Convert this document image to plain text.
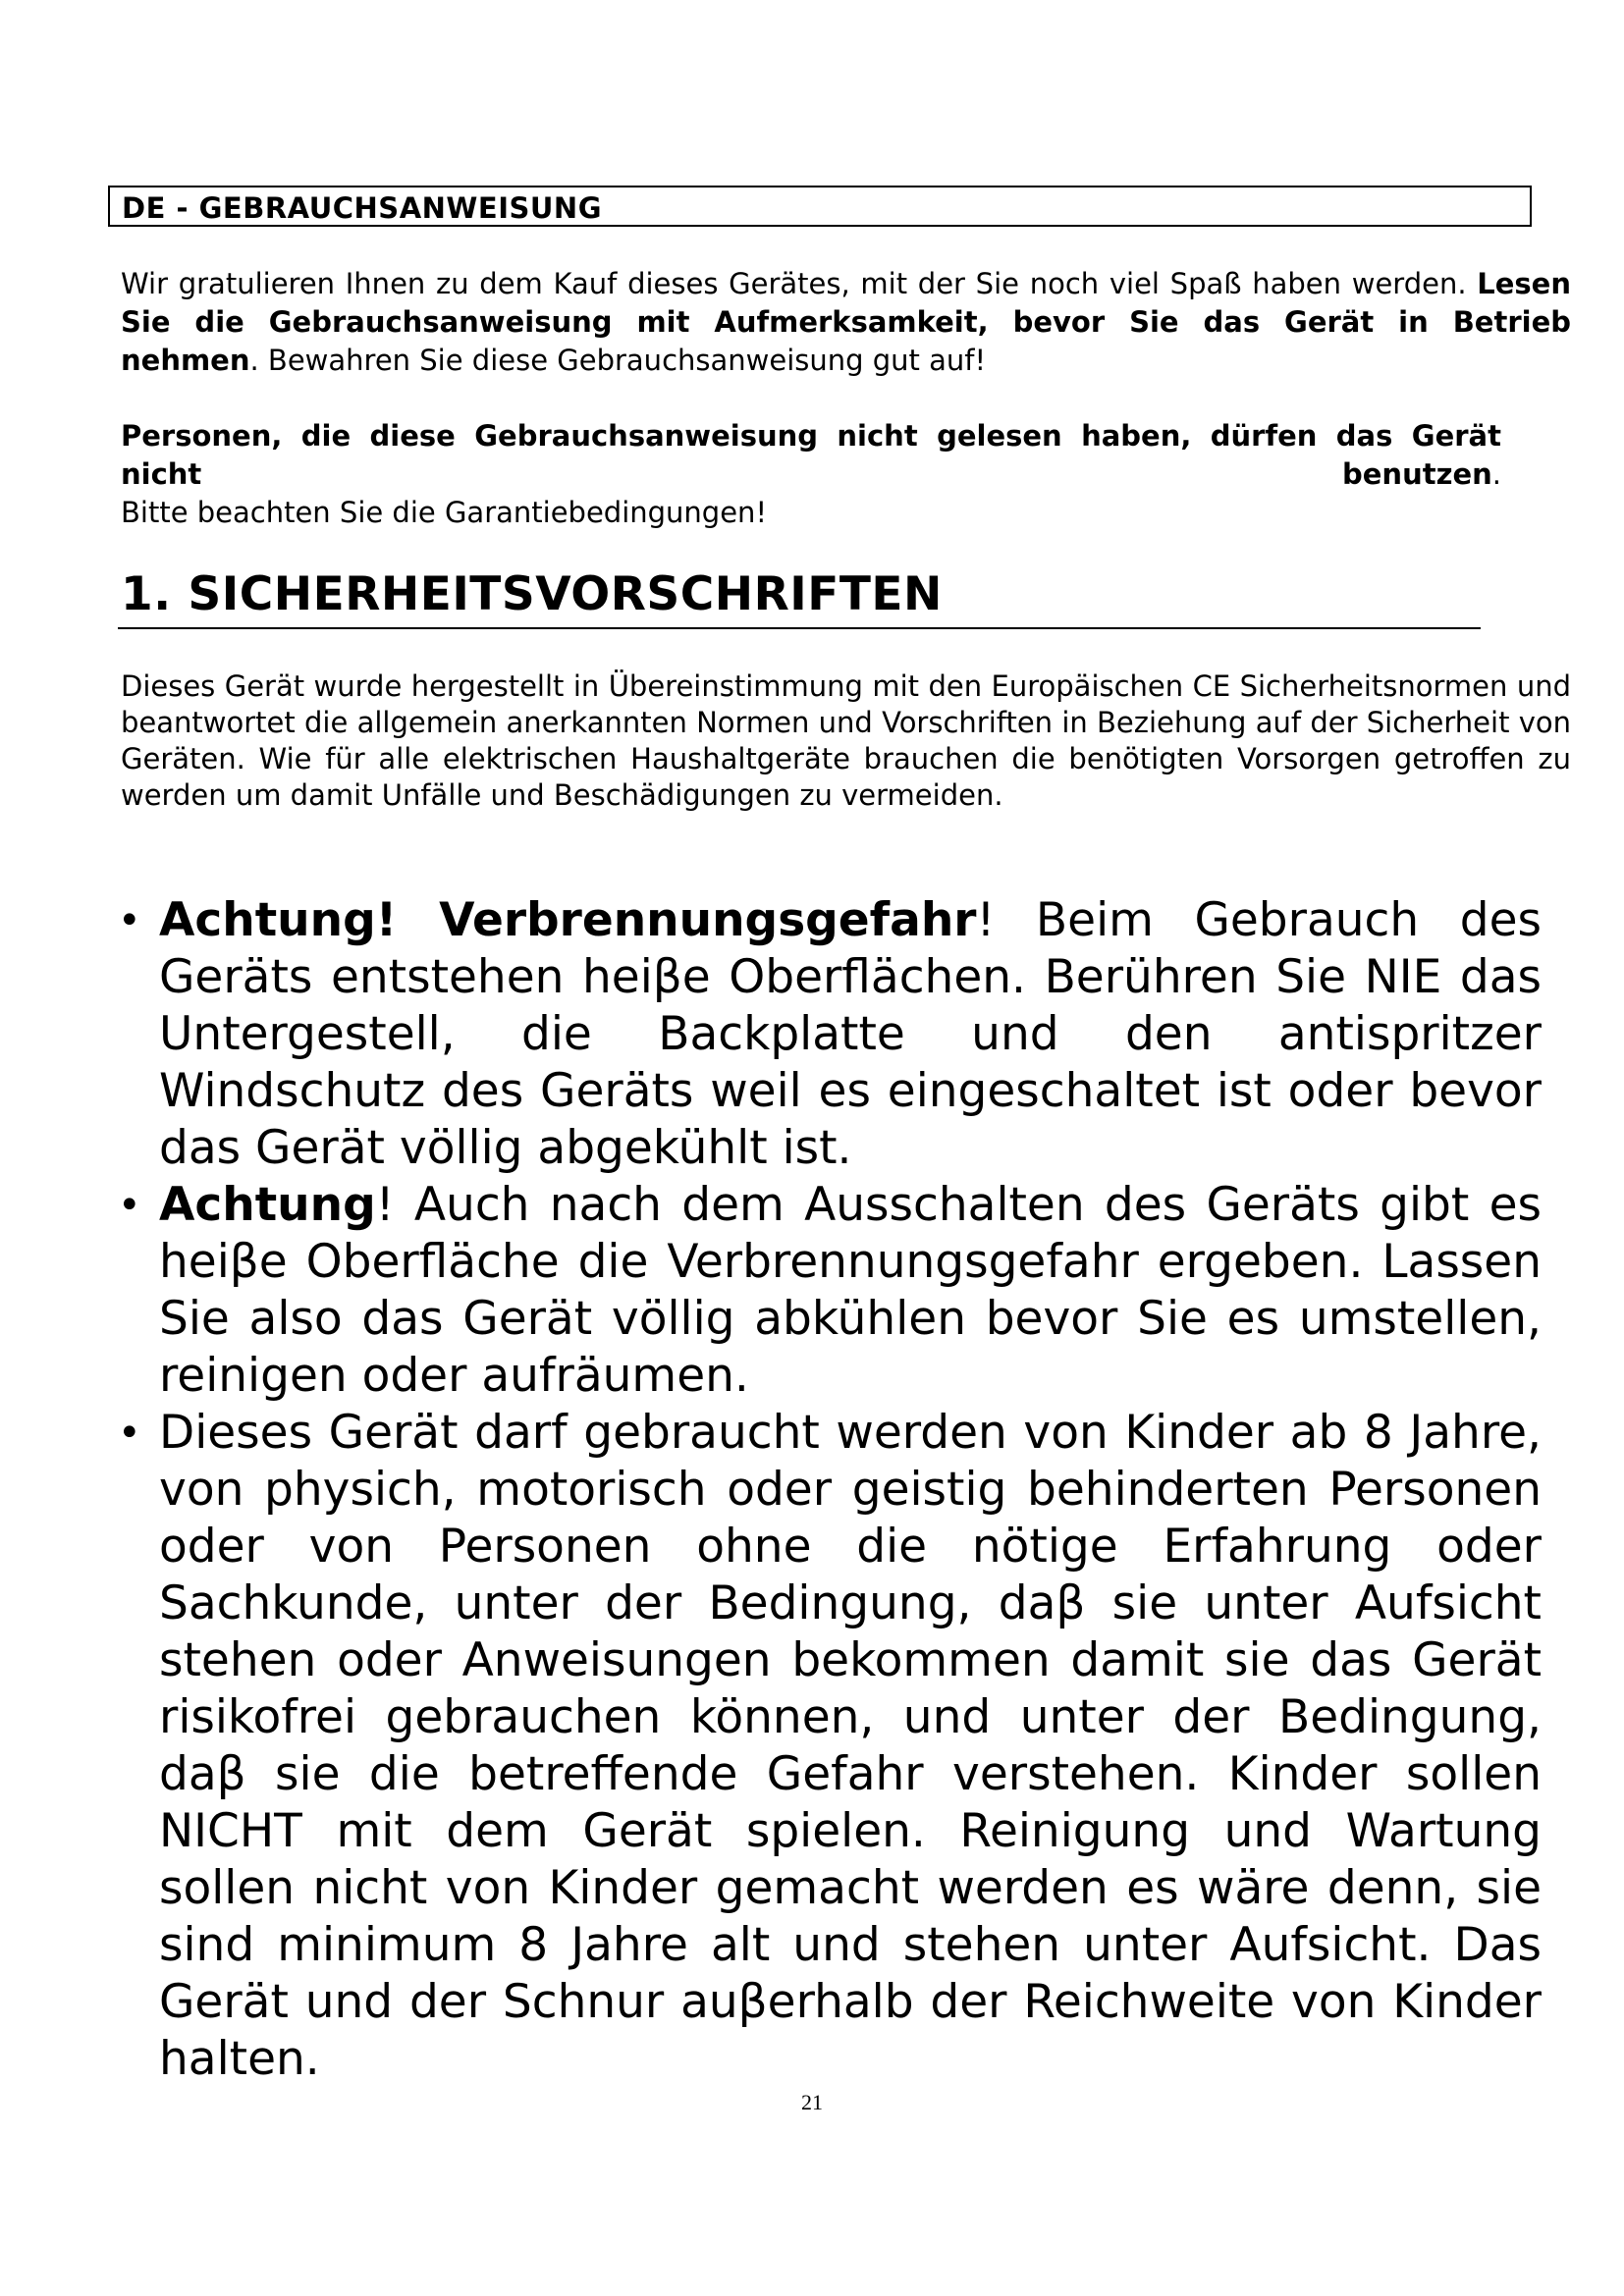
DE - GEBRAUCHSANWEISUNG

Wir gratulieren Ihnen zu dem Kauf dieses Gerätes, mit der Sie noch viel Spaß haben werden. Lesen Sie die Gebrauchsanweisung mit Aufmerksamkeit, bevor Sie das Gerät in Betrieb nehmen. Bewahren Sie diese Gebrauchsanweisung gut auf!

Personen, die diese Gebrauchsanweisung nicht gelesen haben, dürfen das Gerät nicht benutzen.

Bitte beachten Sie die Garantiebedingungen!

1. SICHERHEITSVORSCHRIFTEN
Dieses Gerät wurde hergestellt in Übereinstimmung mit den Europäischen CE Sicherheitsnormen und beantwortet die allgemein anerkannten Normen und Vorschriften in Beziehung auf der Sicherheit von Geräten. Wie für alle elektrischen Haushaltgeräte brauchen die benötigten Vorsorgen getroffen zu werden um damit Unfälle und Beschädigungen zu vermeiden.
• Achtung! Verbrennungsgefahr! Beim Gebrauch des Geräts entstehen heiβe Oberflächen. Berühren Sie NIE das Untergestell, die Backplatte und den antispritzer Windschutz des Geräts weil es eingeschaltet ist oder bevor das Gerät völlig abgekühlt ist.
• Achtung! Auch nach dem Ausschalten des Geräts gibt es heiβe Oberfläche die Verbrennungsgefahr ergeben. Lassen Sie also das Gerät völlig abkühlen bevor Sie es umstellen, reinigen oder aufräumen.
• Dieses Gerät darf gebraucht werden von Kinder ab 8 Jahre, von physich, motorisch oder geistig behinderten Personen oder von Personen ohne die nötige Erfahrung oder Sachkunde, unter der Bedingung, daβ sie unter Aufsicht stehen oder Anweisungen bekommen damit sie das Gerät risikofrei gebrauchen können, und unter der Bedingung, daβ sie die betreffende Gefahr verstehen. Kinder sollen NICHT mit dem Gerät spielen. Reinigung und Wartung sollen nicht von Kinder gemacht werden es wäre denn, sie sind minimum 8 Jahre alt und stehen unter Aufsicht. Das Gerät und der Schnur auβerhalb der Reichweite von Kinder halten.
21
